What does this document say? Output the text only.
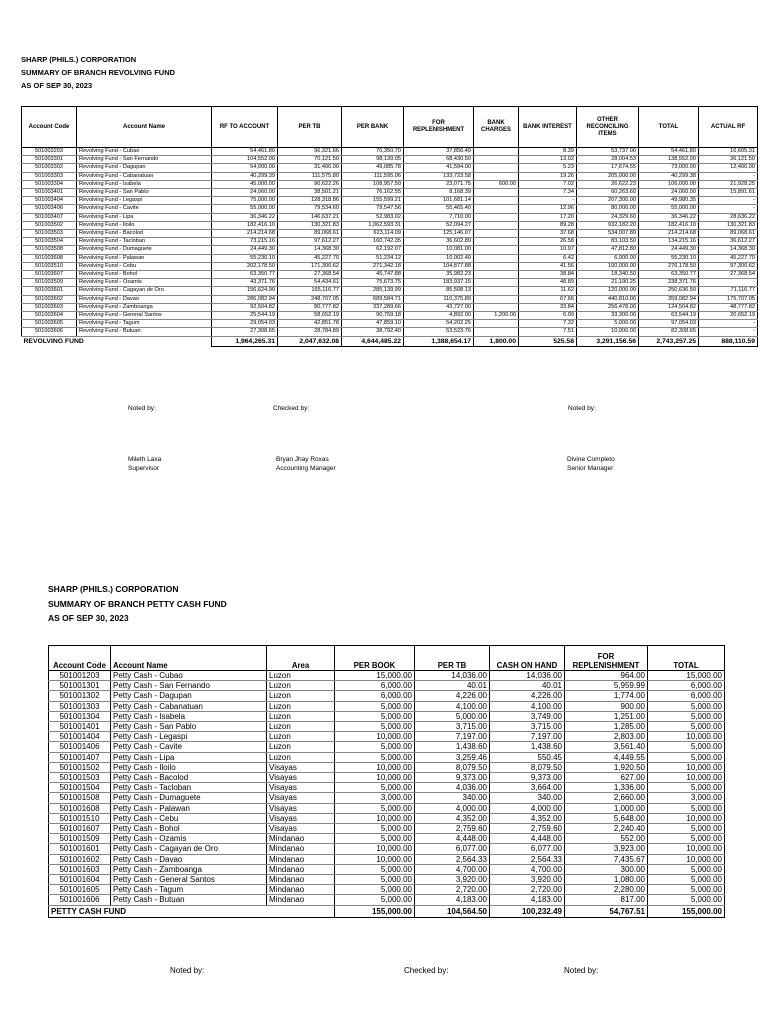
SHARP (PHILS.) CORPORATION
SUMMARY OF BRANCH REVOLVING FUND
AS OF SEP 30, 2023
Account Code	Account Name	RF TO ACCOUNT	PER TB	PER BANK	FOR REPLENISHMENT	BANK CHARGES	BANK INTEREST	OTHER RECONCILING ITEMS	TOTAL	ACTUAL RF
501003203	Revolving Fund - Cubao	54,461.80	96,321.66	70,350.70	37,856.49		8.39	53,737.00	54,461.80	16,605.31
501003301	Revolving Fund - San Fernando	104,552.00	70,121.50	98,139.05	68,430.50		13.02	28,004.53	138,552.00	36,121.50
501003302	Revolving Fund - Dagupan	54,000.00	31,406.00	49,085.78	41,594.00		5.23	17,674.55	73,000.00	12,406.00
501003303	Revolving Fund - Cabanatuan	40,299.39	111,575.80	111,595.06	133,723.58		19.26	205,000.00	40,299.38	-
501003304	Revolving Fund - Isabela	45,000.00	90,622.26	108,957.50	23,071.75	600.00	7.02	26,622.23	106,000.00	21,928.25
501003401	Revolving Fund - San Pablo	24,060.00	38,501.21	76,162.55	8,168.39		7.34	60,263.60	24,060.00	15,891.61
501003404	Revolving Fund - Legaspi	75,000.00	128,318.86	155,599.21	101,681.14		-	207,300.00	49,980.35	-
501003406	Revolving Fund - Cavite	55,000.00	79,534.60	79,547.56	55,465.40		12.96	80,000.00	55,000.00	-
501003407	Revolving Fund - Lipa	36,346.22	146,637.21	52,983.02	7,710.00		17.20	24,329.60	36,346.22	28,636.22
501003502	Revolving Fund - Iloilo	182,416.10	130,321.83	1,062,593.31	52,094.27		89.28	932,182.20	182,416.10	130,321.83
501003503	Revolving Fund - Bacolod	214,214.68	89,068.61	623,114.09	125,146.07		37.68	534,007.80	214,214.68	89,068.61
501003504	Revolving Fund - Tacloban	73,215.16	97,612.27	160,742.35	36,602.89		26.58	83,103.50	134,215.16	36,612.27
501003508	Revolving Fund - Dumaguete	24,449.30	14,368.30	62,192.07	10,081.00		10.97	47,812.80	24,449.30	14,368.30
501003608	Revolving Fund - Palawan	55,230.10	45,227.70	51,234.12	10,002.40		6.42	6,000.00	55,230.10	45,227.70
501003510	Revolving Fund - Cebu	202,178.50	171,300.62	271,342.18	104,877.88		41.56	100,000.00	276,178.50	97,300.62
501003607	Revolving Fund - Bohol	63,350.77	27,368.54	45,747.88	35,982.23		38.84	18,340.50	63,350.77	27,368.54
501003509	Revolving Fund - Ozamis	43,371.76	54,434.61	75,673.75	183,937.15		48.89	21,190.25	238,371.76	-
501003601	Revolving Fund - Cagayan de Oro	156,624.90	165,116.77	285,139.99	85,508.13		11.62	120,000.00	250,636.50	71,116.77
501003602	Revolving Fund - Davao	286,082.94	248,707.05	689,584.71	110,375.89		67.66	440,810.00	359,082.94	175,707.05
501003603	Revolving Fund - Zamboanga	92,504.82	80,777.82	337,289.66	43,727.00		33.84	256,478.00	124,504.82	48,777.82
501003604	Revolving Fund - General Santos	25,544.19	58,652.19	90,759.18	4,892.00	1,200.00	6.99	33,300.00	63,544.19	20,652.19
501003605	Revolving Fund - Tagum	29,054.03	42,851.78	47,859.10	54,202.25		7.32	5,000.00	97,054.03	-
501003606	Revolving Fund - Butuan	27,308.65	28,784.89	38,792.40	53,523.76		7.51	10,000.00	82,308.65	-
REVOLVING FUND		1,964,265.31	2,047,632.08	4,644,485.22	1,388,654.17	1,800.00	525.58	3,291,156.56	2,743,257.25	888,110.59
Noted by:	Checked by:	Noted by:
Mileth Laxa
Supervisor
Bryan Jhay Roxas
Accounting Manager
Divine Completo
Senior Manager
SHARP (PHILS.) CORPORATION
SUMMARY OF BRANCH PETTY CASH FUND
AS OF SEP 30, 2023
Account Code	Account Name	Area	PER BOOK	PER TB	CASH ON HAND	FOR REPLENISHMENT	TOTAL
501001203	Petty Cash - Cubao	Luzon	15,000.00	14,036.00	14,036.00	964.00	15,000.00
501001301	Petty Cash - San Fernando	Luzon	6,000.00	40.01	40.01	5,959.99	6,000.00
501001302	Petty Cash - Dagupan	Luzon	6,000.00	4,226.00	4,226.00	1,774.00	6,000.00
501001303	Petty Cash - Cabanatuan	Luzon	5,000.00	4,100.00	4,100.00	900.00	5,000.00
501001304	Petty Cash - Isabela	Luzon	5,000.00	5,000.00	3,749.00	1,251.00	5,000.00
501001401	Petty Cash - San Pablo	Luzon	5,000.00	3,715.00	3,715.00	1,285.00	5,000.00
501001404	Petty Cash - Legaspi	Luzon	10,000.00	7,197.00	7,197.00	2,803.00	10,000.00
501001406	Petty Cash - Cavite	Luzon	5,000.00	1,438.60	1,438.60	3,561.40	5,000.00
501001407	Petty Cash - Lipa	Luzon	5,000.00	3,259.46	550.45	4,449.55	5,000.00
501001502	Petty Cash - Iloilo	Visayas	10,000.00	8,079.50	8,079.50	1,920.50	10,000.00
501001503	Petty Cash - Bacolod	Visayas	10,000.00	9,373.00	9,373.00	627.00	10,000.00
501001504	Petty Cash - Tacloban	Visayas	5,000.00	4,036.00	3,664.00	1,336.00	5,000.00
501001508	Petty Cash - Dumaguete	Visayas	3,000.00	340.00	340.00	2,660.00	3,000.00
501001608	Petty Cash - Palawan	Visayas	5,000.00	4,000.00	4,000.00	1,000.00	5,000.00
501001510	Petty Cash - Cebu	Visayas	10,000.00	4,352.00	4,352.00	5,648.00	10,000.00
501001607	Petty Cash - Bohol	Visayas	5,000.00	2,759.60	2,759.60	2,240.40	5,000.00
501001509	Petty Cash - Ozamis	Mindanao	5,000.00	4,448.00	4,448.00	552.00	5,000.00
501001601	Petty Cash - Cagayan de Oro	Mindanao	10,000.00	6,077.00	6,077.00	3,923.00	10,000.00
501001602	Petty Cash - Davao	Mindanao	10,000.00	2,564.33	2,564.33	7,435.67	10,000.00
501001603	Petty Cash - Zamboanga	Mindanao	5,000.00	4,700.00	4,700.00	300.00	5,000.00
501001604	Petty Cash - General Santos	Mindanao	5,000.00	3,920.00	3,920.00	1,080.00	5,000.00
501001605	Petty Cash - Tagum	Mindanao	5,000.00	2,720.00	2,720.00	2,280.00	5,000.00
501001606	Petty Cash - Butuan	Mindanao	5,000.00	4,183.00	4,183.00	817.00	5,000.00
PETTY CASH FUND			155,000.00	104,564.50	100,232.49	54,767.51	155,000.00
Noted by:	Checked by:	Noted by:
